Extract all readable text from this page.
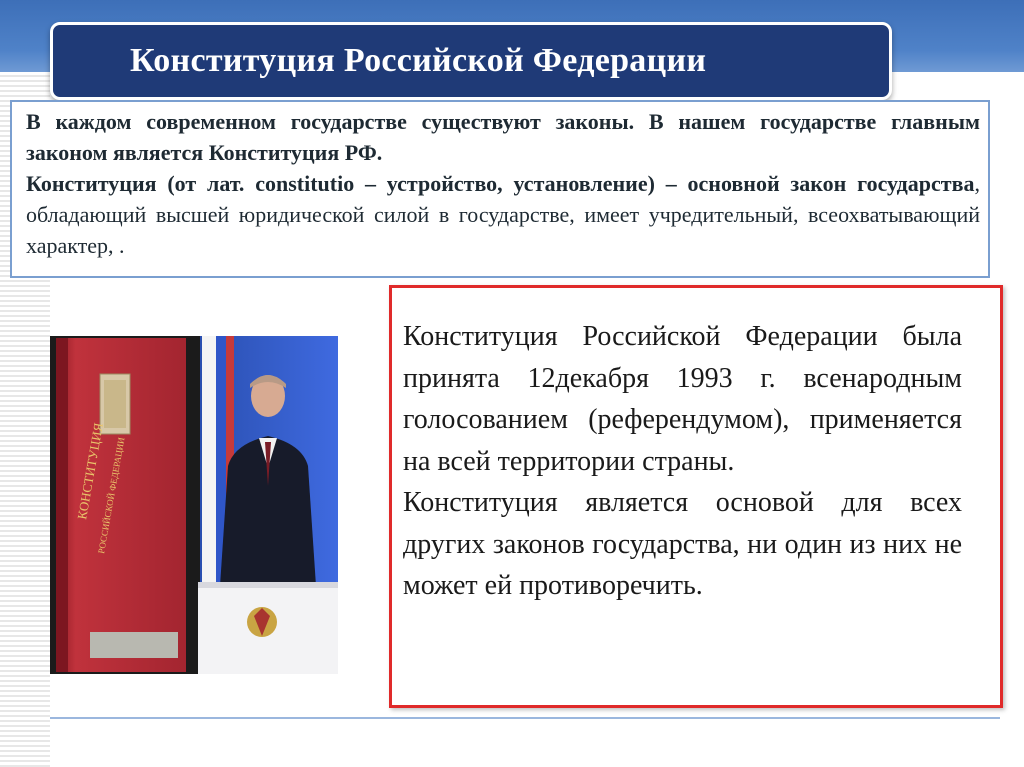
Конституция Российской Федерации

В каждом современном государстве существуют законы. В нашем государстве главным законом является Конституция РФ.

Конституция (от лат. constitutio – устройство, установление) – основной закон государства, обладающий высшей юридической силой в государстве, имеет учредительный, всеохватывающий характер, .

КОНСТИТУЦИЯ
РОССИЙСКОЙ ФЕДЕРАЦИИ

Конституция Российской Федерации была принята 12декабря 1993 г. всенародным голосованием (референдумом), применяется на всей территории страны.

Конституция является основой для всех других законов государства, ни один из них не может ей противоречить.
